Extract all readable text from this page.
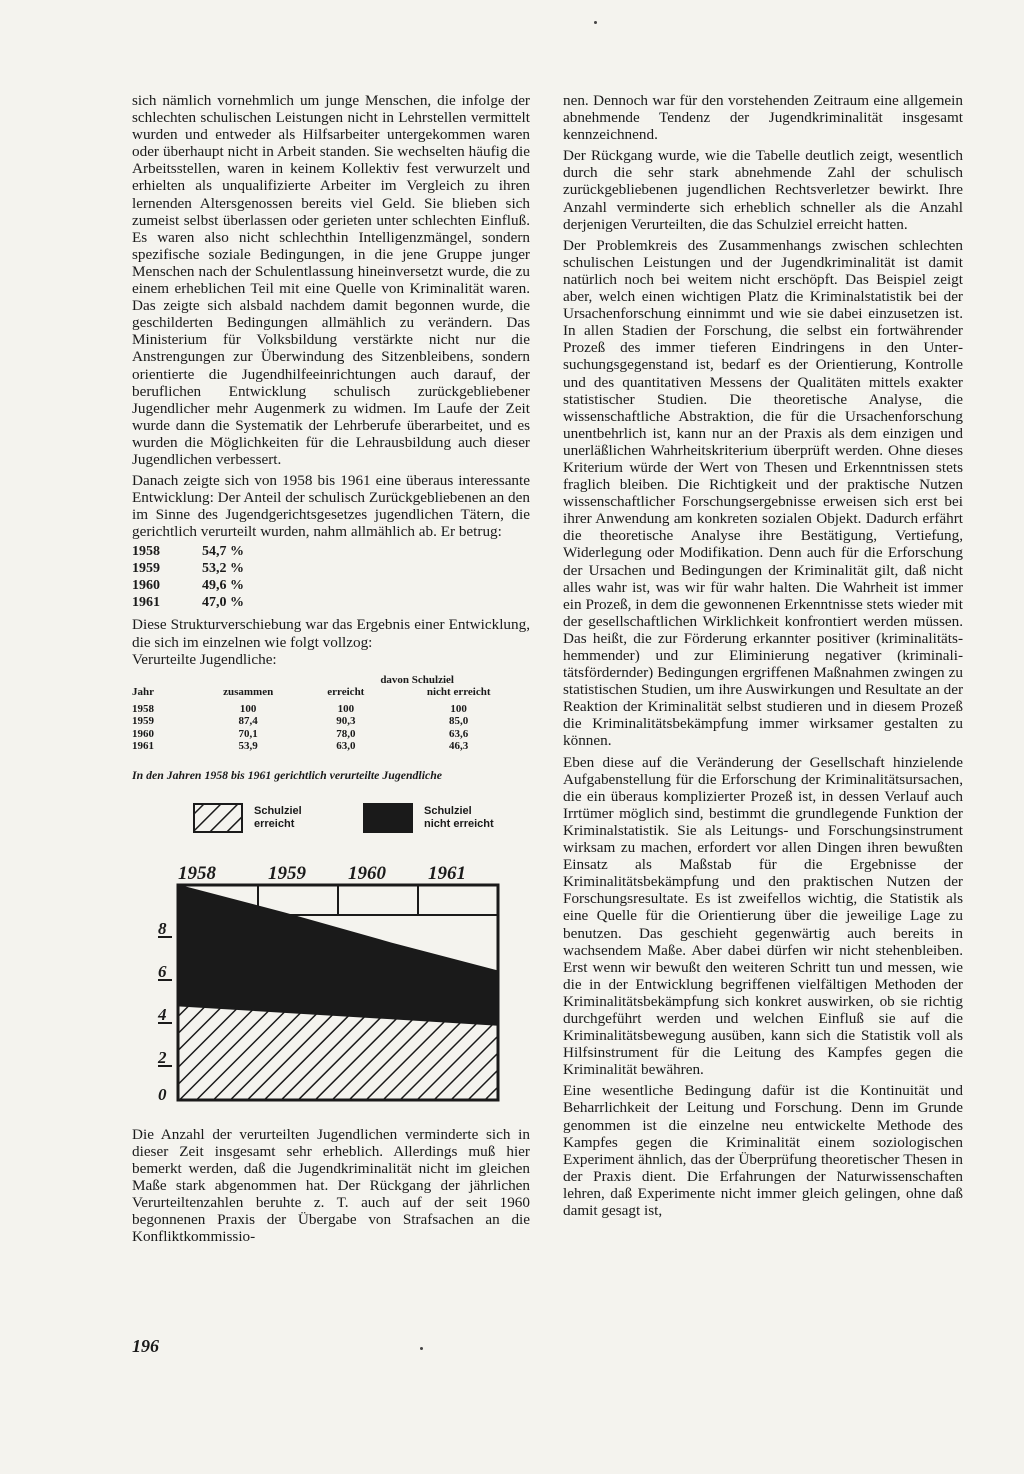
sich nämlich vornehmlich um junge Menschen, die infolge der schlechten schulischen Leistungen nicht in Lehrstellen vermittelt wurden und entweder als Hilfsarbeiter untergekommen waren oder überhaupt nicht in Arbeit standen. Sie wechselten häufig die Arbeitsstellen, waren in keinem Kollektiv fest verwurzelt und erhielten als unqualifizierte Arbeiter im Vergleich zu ihren lernenden Altersgenossen bereits viel Geld. Sie blieben sich zumeist selbst überlassen oder gerieten unter schlechten Einfluß. Es waren also nicht schlechthin Intelligenzmängel, sondern spezifische soziale Bedingungen, in die jene Gruppe junger Menschen nach der Schulentlassung hineinversetzt wurde, die zu einem erheblichen Teil mit eine Quelle von Kriminalität waren. Das zeigte sich alsbald nachdem damit begonnen wurde, die geschilderten Bedingungen allmählich zu verändern. Das Ministerium für Volksbildung verstärkte nicht nur die Anstrengungen zur Überwindung des Sitzenbleibens, sondern orientierte die Jugendhilfeeinrichtungen auch darauf, der beruflichen Entwicklung schulisch zurückgebliebener Jugendlicher mehr Augenmerk zu widmen. Im Laufe der Zeit wurde dann die Systematik der Lehrberufe überarbeitet, und es wurden die Möglichkeiten für die Lehrausbildung auch dieser Jugendlichen verbessert.

Danach zeigte sich von 1958 bis 1961 eine überaus interessante Entwicklung: Der Anteil der schulisch Zurückgebliebenen an den im Sinne des Jugendgerichtsgesetzes jugendlichen Tätern, die gerichtlich verurteilt wurden, nahm allmählich ab. Er betrug:

1958	54,7 %
1959	53,2 %
1960	49,6 %
1961	47,0 %

Diese Strukturverschiebung war das Ergebnis einer Entwicklung, die sich im einzelnen wie folgt vollzog:

Verurteilte Jugendliche:

		davon Schulziel	
Jahr	zusammen	erreicht	nicht erreicht

1958	100	100	100
1959	87,4	90,3	85,0
1960	70,1	78,0	63,6
1961	53,9	63,0	46,3
In den Jahren 1958 bis 1961 gerichtlich verurteilte Jugendliche
Schulziel erreicht
Schulziel nicht erreicht
1958	1959 1960 1961
0
2
4
6
8

Die Anzahl der verurteilten Jugendlichen verminderte sich in dieser Zeit insgesamt sehr erheblich. Allerdings muß hier bemerkt werden, daß die Jugendkriminalität nicht im gleichen Maße stark abgenommen hat. Der Rückgang der jährlichen Verurteiltenzahlen beruhte z. T. auch auf der seit 1960 begonnenen Praxis der Übergabe von Strafsachen an die Konfliktkommissio-

nen. Dennoch war für den vorstehenden Zeitraum eine allgemein abnehmende Tendenz der Jugendkriminalität insgesamt kennzeichnend.

Der Rückgang wurde, wie die Tabelle deutlich zeigt, wesentlich durch die sehr stark abnehmende Zahl der schulisch zurückgebliebenen jugendlichen Rechtsverletzer bewirkt. Ihre Anzahl verminderte sich erheblich schneller als die Anzahl derjenigen Verurteilten, die das Schulziel erreicht hatten.

Der Problemkreis des Zusammenhangs zwischen schlechten schulischen Leistungen und der Jugendkriminalität ist damit natürlich noch bei weitem nicht erschöpft. Das Beispiel zeigt aber, welch einen wichtigen Platz die Kriminalstatistik bei der Ursachenforschung einnimmt und wie sie dabei einzusetzen ist. In allen Stadien der Forschung, die selbst ein fortwährender Prozeß des immer tieferen Eindringens in den Untersuchungsgegenstand ist, bedarf es der Orientierung, Kontrolle und des quantitativen Messens der Qualitäten mittels exakter statistischer Studien. Die theoretische Analyse, die wissenschaftliche Abstraktion, die für die Ursachenforschung unentbehrlich ist, kann nur an der Praxis als dem einzigen und unerläßlichen Wahrheitskriterium überprüft werden. Ohne dieses Kriterium würde der Wert von Thesen und Erkenntnissen stets fraglich bleiben. Die Richtigkeit und der praktische Nutzen wissenschaftlicher Forschungsergebnisse erweisen sich erst bei ihrer Anwendung am konkreten sozialen Objekt. Dadurch erfährt die theoretische Analyse ihre Bestätigung, Vertiefung, Widerlegung oder Modifikation. Denn auch für die Erforschung der Ursachen und Bedingungen der Kriminalität gilt, daß nicht alles wahr ist, was wir für wahr halten. Die Wahrheit ist immer ein Prozeß, in dem die gewonnenen Erkenntnisse stets wieder mit der gesellschaftlichen Wirklichkeit konfrontiert werden müssen. Das heißt, die zur Förderung erkannter positiver (kriminalitätshemmender) und zur Eliminierung negativer (kriminalitätsfördernder) Bedingungen ergriffenen Maßnahmen zwingen zu statistischen Studien, um ihre Auswirkungen und Resultate an der Reaktion der Kriminalität selbst studieren und in diesem Prozeß die Kriminalitätsbekämpfung immer wirksamer gestalten zu können.

Eben diese auf die Veränderung der Gesellschaft hinzielende Aufgabenstellung für die Erforschung der Kriminalitätsursachen, die ein überaus komplizierter Prozeß ist, in dessen Verlauf auch Irrtümer möglich sind, bestimmt die grundlegende Funktion der Kriminalstatistik. Sie als Leitungs- und Forschungsinstrument wirksam zu machen, erfordert vor allen Dingen ihren bewußten Einsatz als Maßstab für die Ergebnisse der Kriminalitätsbekämpfung und den praktischen Nutzen der Forschungsresultate. Es ist zweifellos wichtig, die Statistik als eine Quelle für die Orientierung über die jeweilige Lage zu benutzen. Das geschieht gegenwärtig auch bereits in wachsendem Maße. Aber dabei dürfen wir nicht stehenbleiben. Erst wenn wir bewußt den weiteren Schritt tun und messen, wie die in der Entwicklung begriffenen vielfältigen Methoden der Kriminalitätsbekämpfung sich konkret auswirken, ob sie richtig durchgeführt werden und welchen Einfluß sie auf die Kriminalitätsbewegung ausüben, kann sich die Statistik voll als Hilfsinstrument für die Leitung des Kampfes gegen die Kriminalität bewähren.

Eine wesentliche Bedingung dafür ist die Kontinuität und Beharrlichkeit der Leitung und Forschung. Denn im Grunde genommen ist die einzelne neu entwickelte Methode des Kampfes gegen die Kriminalität einem soziologischen Experiment ähnlich, das der Überprüfung theoretischer Thesen in der Praxis dient. Die Erfahrungen der Naturwissenschaften lehren, daß Experimente nicht immer gleich gelingen, ohne daß damit gesagt ist,

196
